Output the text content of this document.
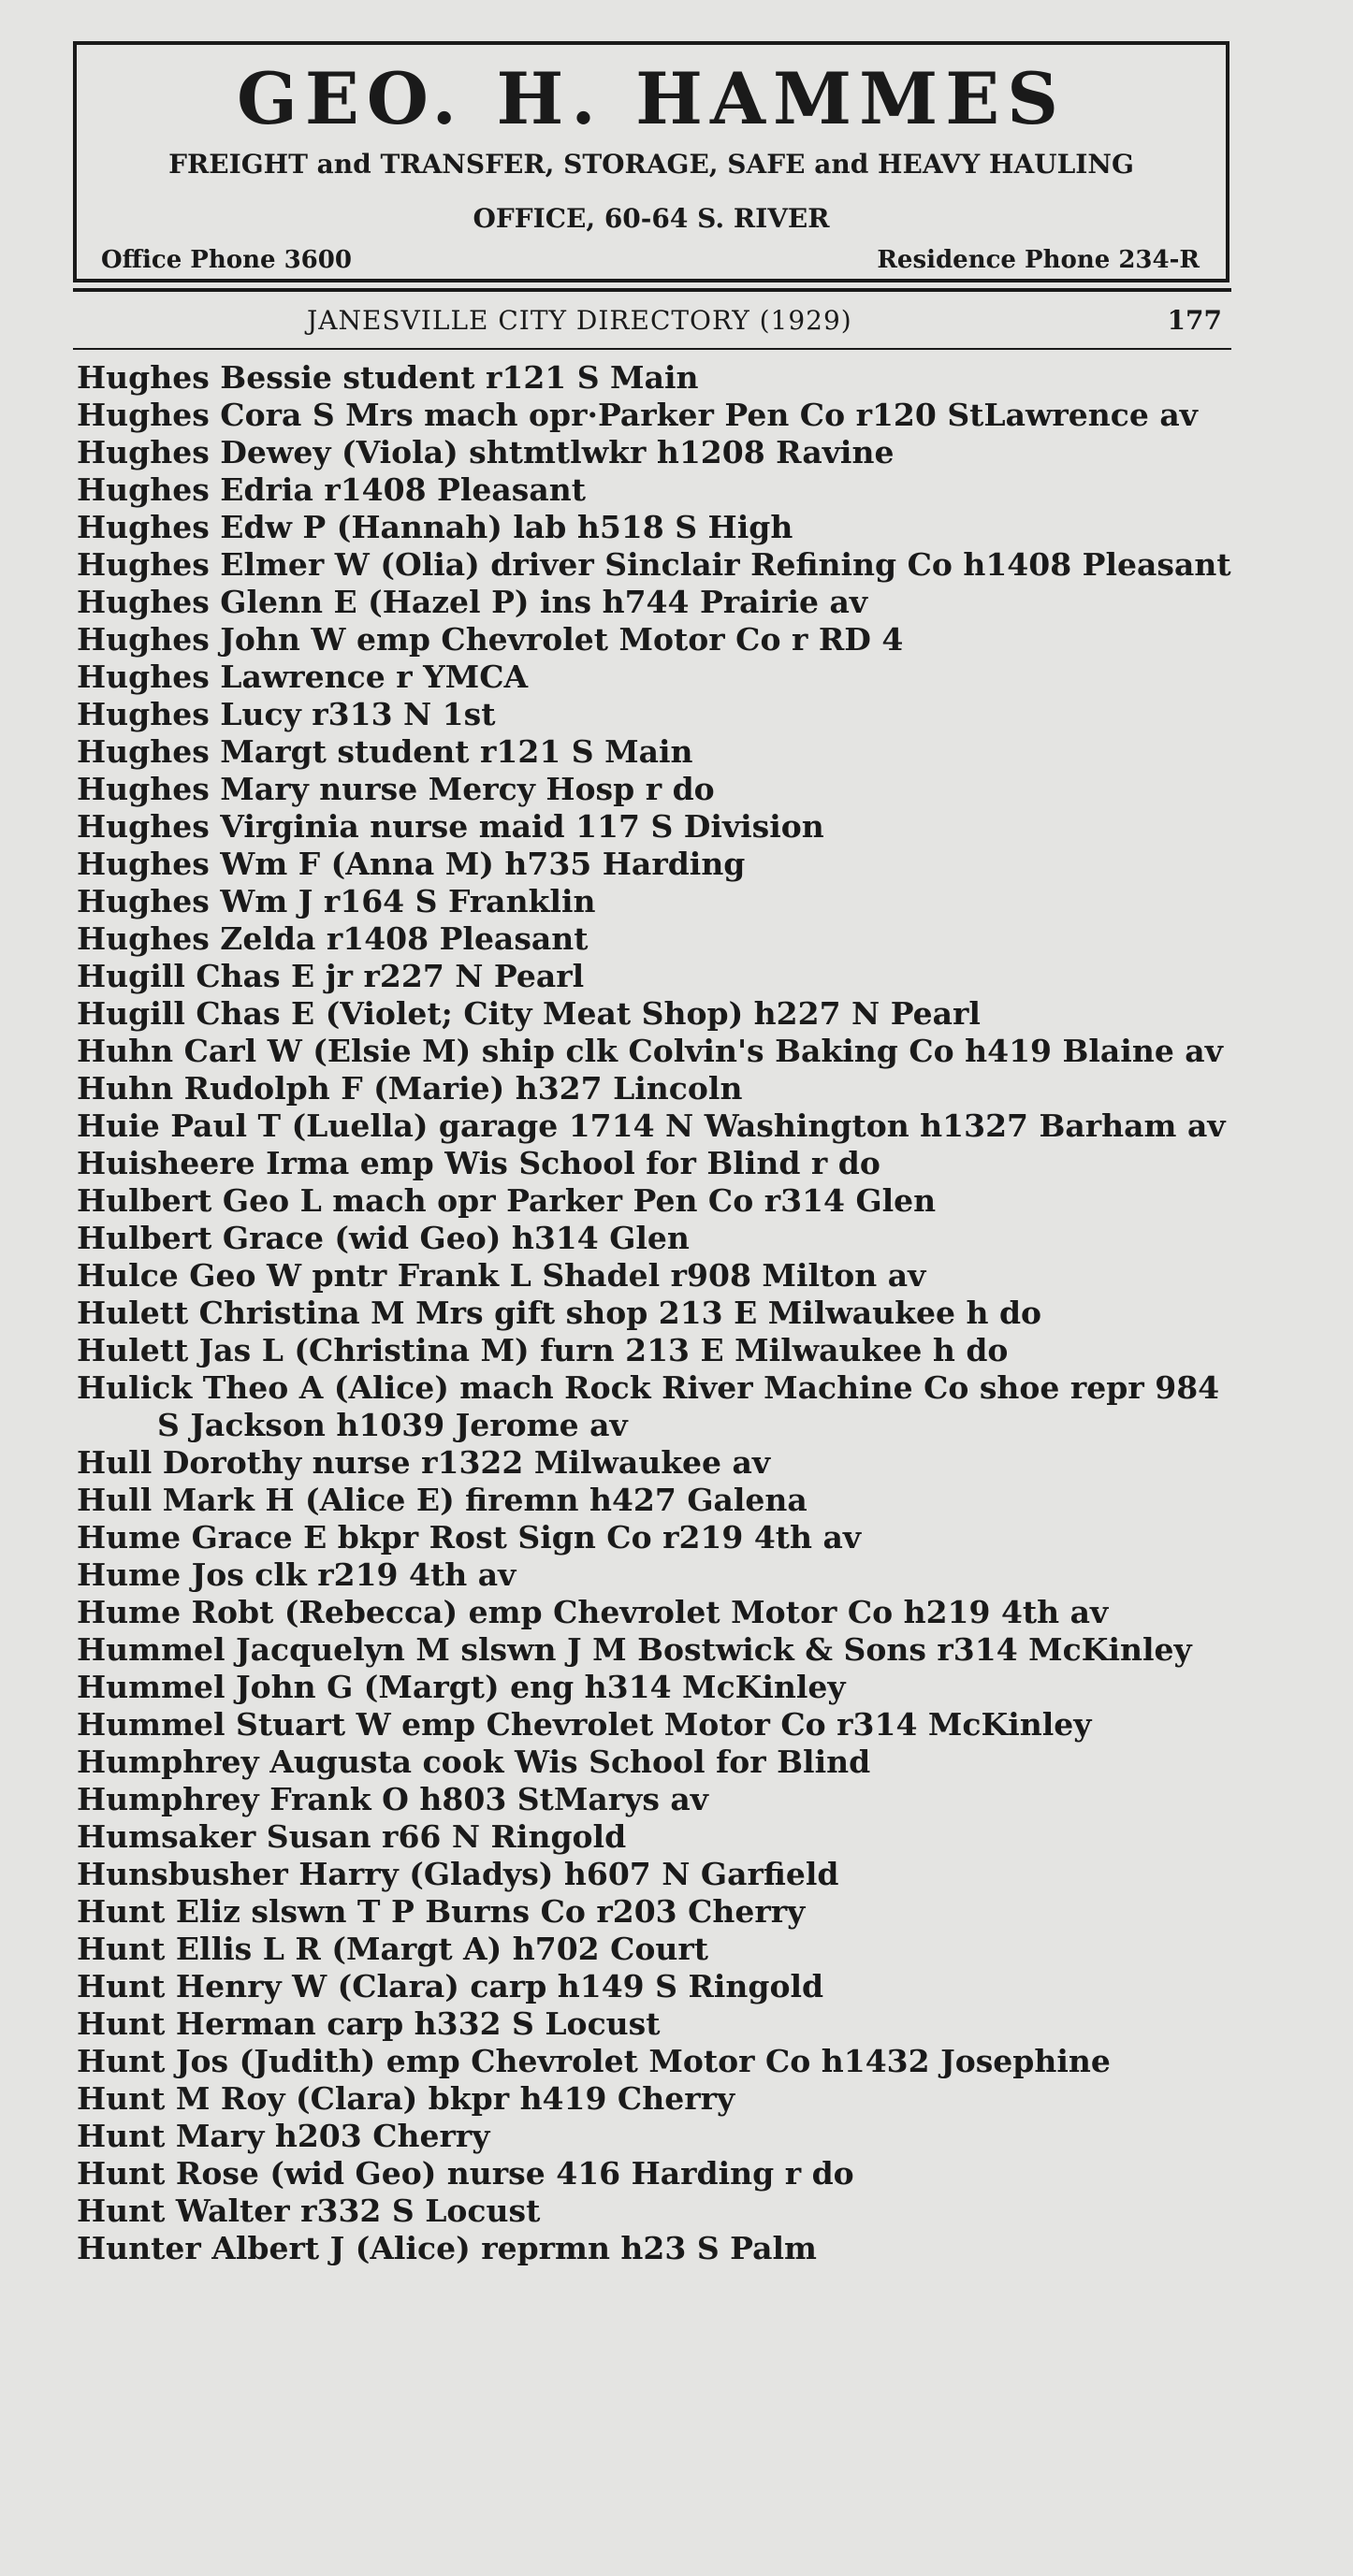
GEO. H. HAMMES
FREIGHT and TRANSFER, STORAGE, SAFE and HEAVY HAULING
OFFICE, 60-64 S. RIVER
Office Phone 3600	Residence Phone 234-R
JANESVILLE CITY DIRECTORY (1929)	177
Hughes Bessie student r121 S Main
Hughes Cora S Mrs mach opr·Parker Pen Co r120 StLawrence av
Hughes Dewey (Viola) shtmtlwkr h1208 Ravine
Hughes Edria r1408 Pleasant
Hughes Edw P (Hannah) lab h518 S High
Hughes Elmer W (Olia) driver Sinclair Refining Co h1408 Pleasant
Hughes Glenn E (Hazel P) ins h744 Prairie av
Hughes John W emp Chevrolet Motor Co r RD 4
Hughes Lawrence r YMCA
Hughes Lucy r313 N 1st
Hughes Margt student r121 S Main
Hughes Mary nurse Mercy Hosp r do
Hughes Virginia nurse maid 117 S Division
Hughes Wm F (Anna M) h735 Harding
Hughes Wm J r164 S Franklin
Hughes Zelda r1408 Pleasant
Hugill Chas E jr r227 N Pearl
Hugill Chas E (Violet; City Meat Shop) h227 N Pearl
Huhn Carl W (Elsie M) ship clk Colvin's Baking Co h419 Blaine av
Huhn Rudolph F (Marie) h327 Lincoln
Huie Paul T (Luella) garage 1714 N Washington h1327 Barham av
Huisheere Irma emp Wis School for Blind r do
Hulbert Geo L mach opr Parker Pen Co r314 Glen
Hulbert Grace (wid Geo) h314 Glen
Hulce Geo W pntr Frank L Shadel r908 Milton av
Hulett Christina M Mrs gift shop 213 E Milwaukee h do
Hulett Jas L (Christina M) furn 213 E Milwaukee h do
Hulick Theo A (Alice) mach Rock River Machine Co shoe repr 984 S Jackson h1039 Jerome av
Hull Dorothy nurse r1322 Milwaukee av
Hull Mark H (Alice E) firemn h427 Galena
Hume Grace E bkpr Rost Sign Co r219 4th av
Hume Jos clk r219 4th av
Hume Robt (Rebecca) emp Chevrolet Motor Co h219 4th av
Hummel Jacquelyn M slswn J M Bostwick & Sons r314 McKinley
Hummel John G (Margt) eng h314 McKinley
Hummel Stuart W emp Chevrolet Motor Co r314 McKinley
Humphrey Augusta cook Wis School for Blind
Humphrey Frank O h803 StMarys av
Humsaker Susan r66 N Ringold
Hunsbusher Harry (Gladys) h607 N Garfield
Hunt Eliz slswn T P Burns Co r203 Cherry
Hunt Ellis L R (Margt A) h702 Court
Hunt Henry W (Clara) carp h149 S Ringold
Hunt Herman carp h332 S Locust
Hunt Jos (Judith) emp Chevrolet Motor Co h1432 Josephine
Hunt M Roy (Clara) bkpr h419 Cherry
Hunt Mary h203 Cherry
Hunt Rose (wid Geo) nurse 416 Harding r do
Hunt Walter r332 S Locust
Hunter Albert J (Alice) reprmn h23 S Palm
